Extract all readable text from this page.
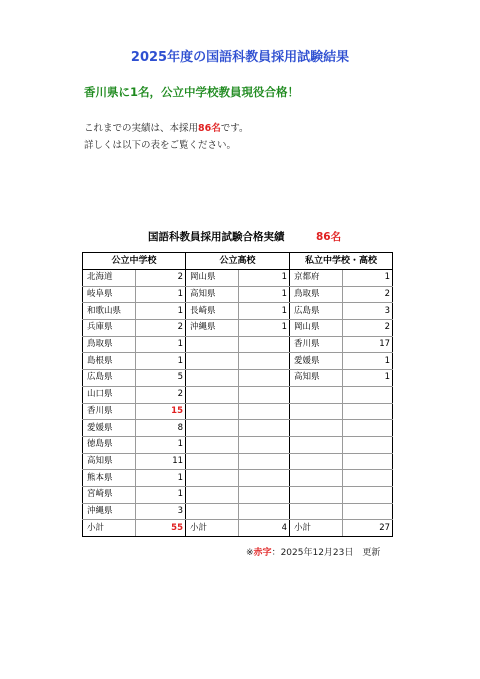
2025年度の国語科教員採用試験結果
香川県に1名，公立中学校教員現役合格！
これまでの実績は、本採用86名です。
詳しくは以下の表をご覧ください。
国語科教員採用試験合格実績	86名
公立中学校		公立高校		私立中学校・高校	
北海道	2	岡山県	1	京都府	1
岐阜県	1	高知県	1	鳥取県	2
和歌山県	1	長崎県	1	広島県	3
兵庫県	2	沖縄県	1	岡山県	2
鳥取県	1			香川県	17
島根県	1			愛媛県	1
広島県	5			高知県	1
山口県	2				
香川県	15				
愛媛県	8				
徳島県	1				
高知県	11				
熊本県	1				
宮崎県	1				
沖縄県	3				
小計	55	小計	4	小計	27
※赤字：2025年12月23日　更新
